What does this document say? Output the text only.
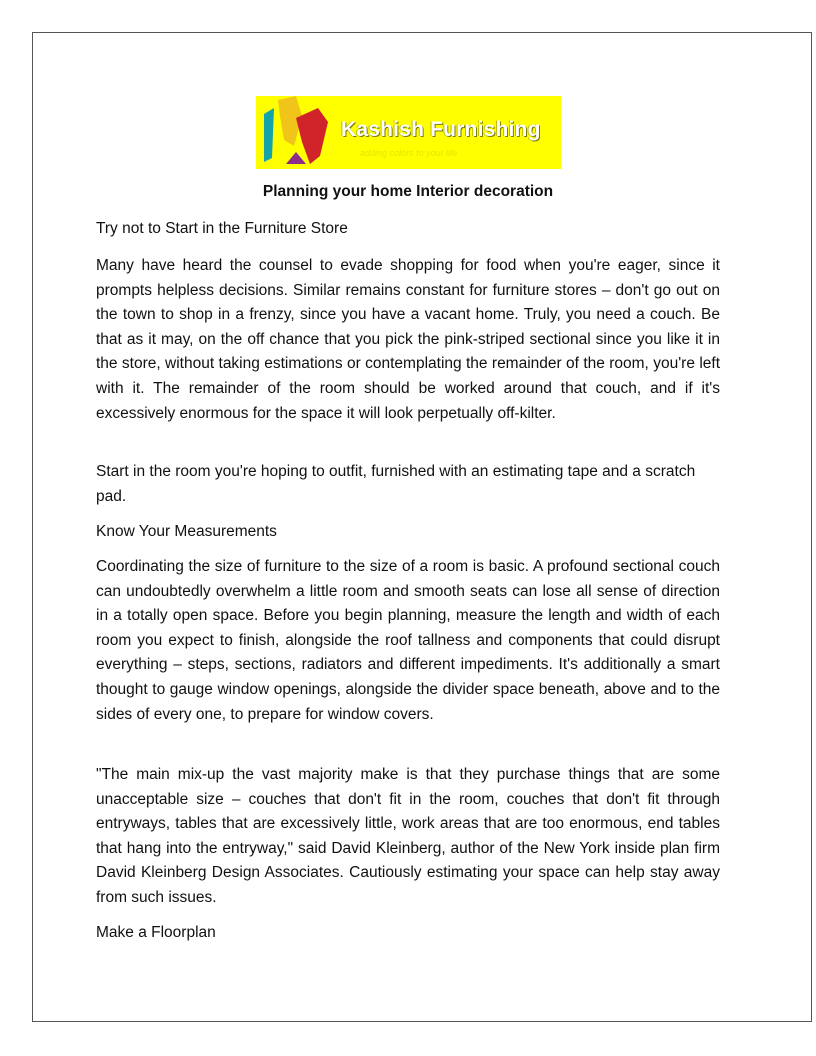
Kashish Furnishing
adding colors to your life
Planning your home Interior decoration

Try not to Start in the Furniture Store

Many have heard the counsel to evade shopping for food when you're eager, since it prompts helpless decisions. Similar remains constant for furniture stores – don't go out on the town to shop in a frenzy, since you have a vacant home. Truly, you need a couch. Be that as it may, on the off chance that you pick the pink-striped sectional since you like it in the store, without taking estimations or contemplating the remainder of the room, you're left with it. The remainder of the room should be worked around that couch, and if it's excessively enormous for the space it will look perpetually off-kilter.

Start in the room you're hoping to outfit, furnished with an estimating tape and a scratch pad.

Know Your Measurements

Coordinating the size of furniture to the size of a room is basic. A profound sectional couch can undoubtedly overwhelm a little room and smooth seats can lose all sense of direction in a totally open space. Before you begin planning, measure the length and width of each room you expect to finish, alongside the roof tallness and components that could disrupt everything – steps, sections, radiators and different impediments. It's additionally a smart thought to gauge window openings, alongside the divider space beneath, above and to the sides of every one, to prepare for window covers.

"The main mix-up the vast majority make is that they purchase things that are some unacceptable size – couches that don't fit in the room, couches that don't fit through entryways, tables that are excessively little, work areas that are too enormous, end tables that hang into the entryway," said David Kleinberg, author of the New York inside plan firm David Kleinberg Design Associates. Cautiously estimating your space can help stay away from such issues.

Make a Floorplan
